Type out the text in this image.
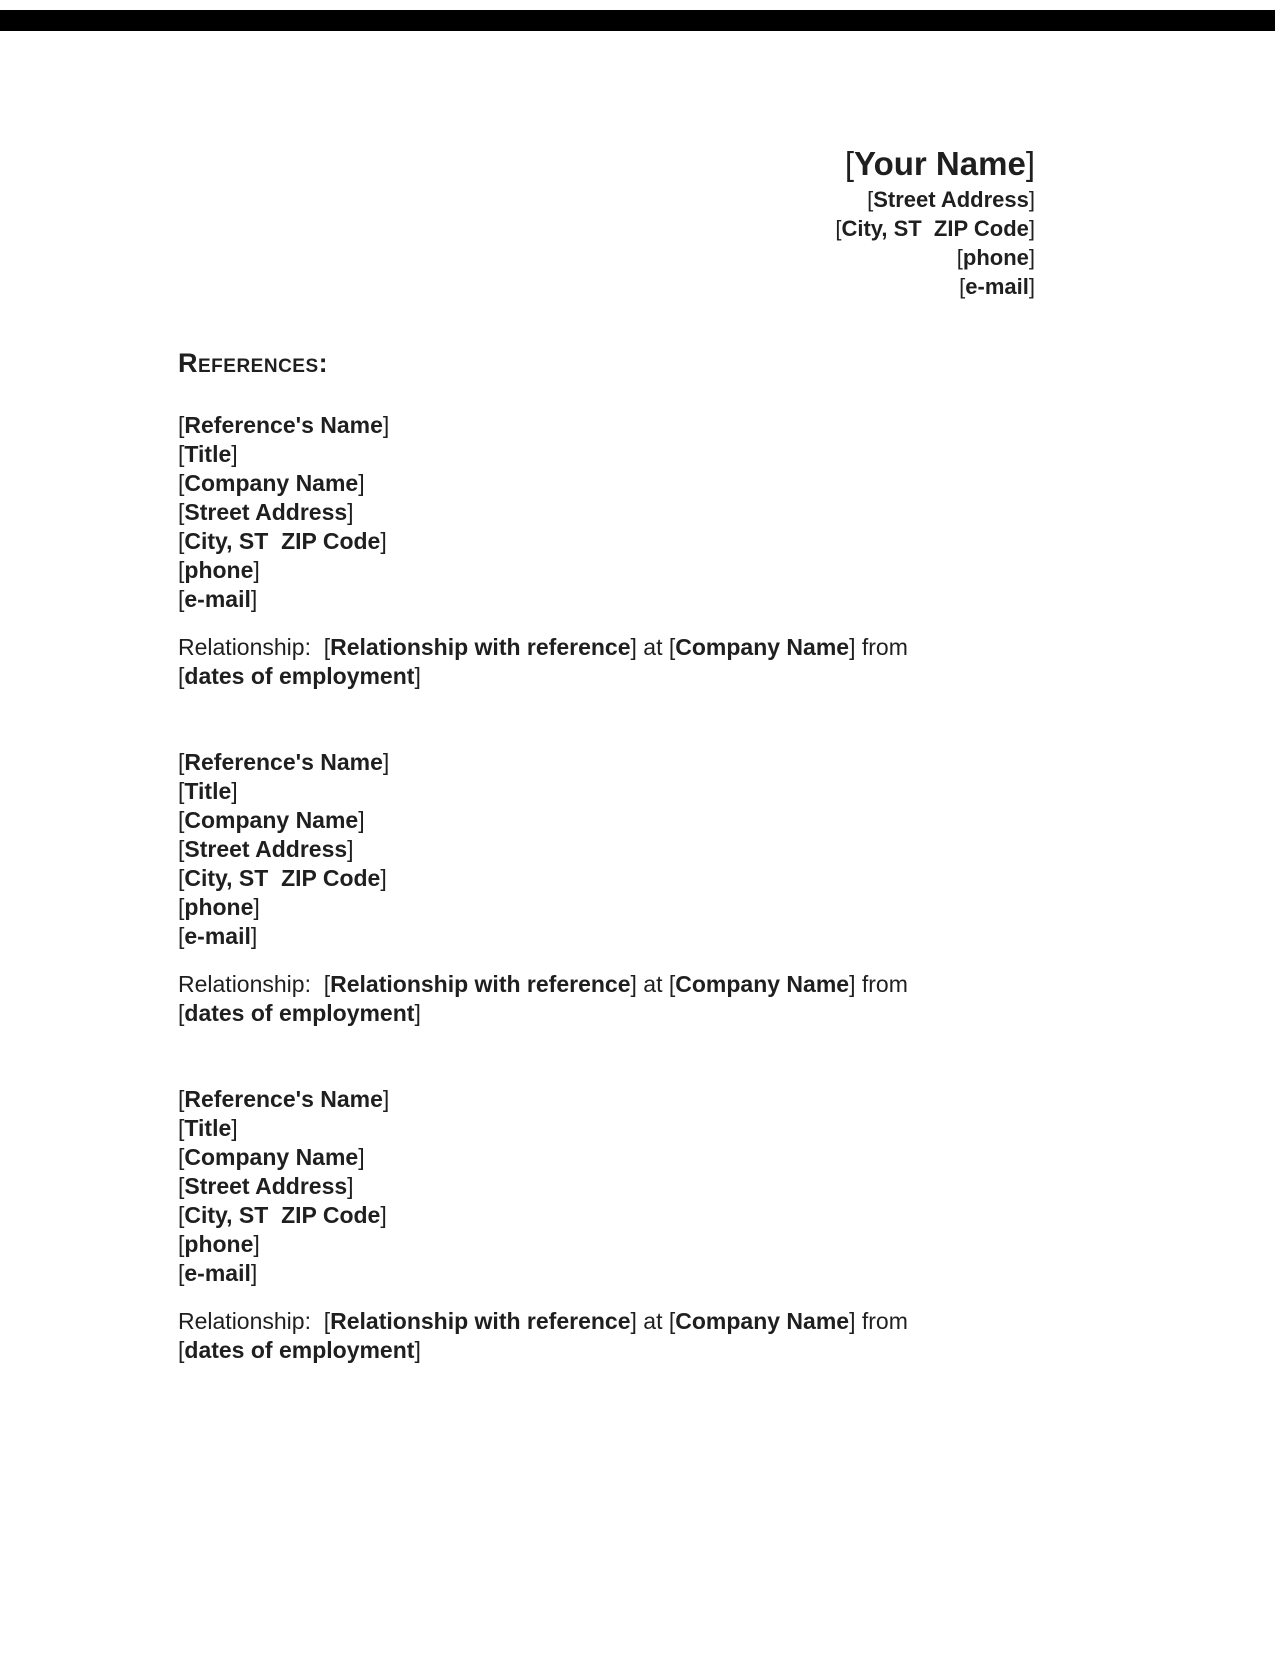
[Your Name]
[Street Address]
[City, ST  ZIP Code]
[phone]
[e-mail]
References:
[Reference's Name]
[Title]
[Company Name]
[Street Address]
[City, ST  ZIP Code]
[phone]
[e-mail]

Relationship:  [Relationship with reference] at [Company Name] from [dates of employment]

[Reference's Name]
[Title]
[Company Name]
[Street Address]
[City, ST  ZIP Code]
[phone]
[e-mail]

Relationship:  [Relationship with reference] at [Company Name] from [dates of employment]

[Reference's Name]
[Title]
[Company Name]
[Street Address]
[City, ST  ZIP Code]
[phone]
[e-mail]

Relationship:  [Relationship with reference] at [Company Name] from [dates of employment]
